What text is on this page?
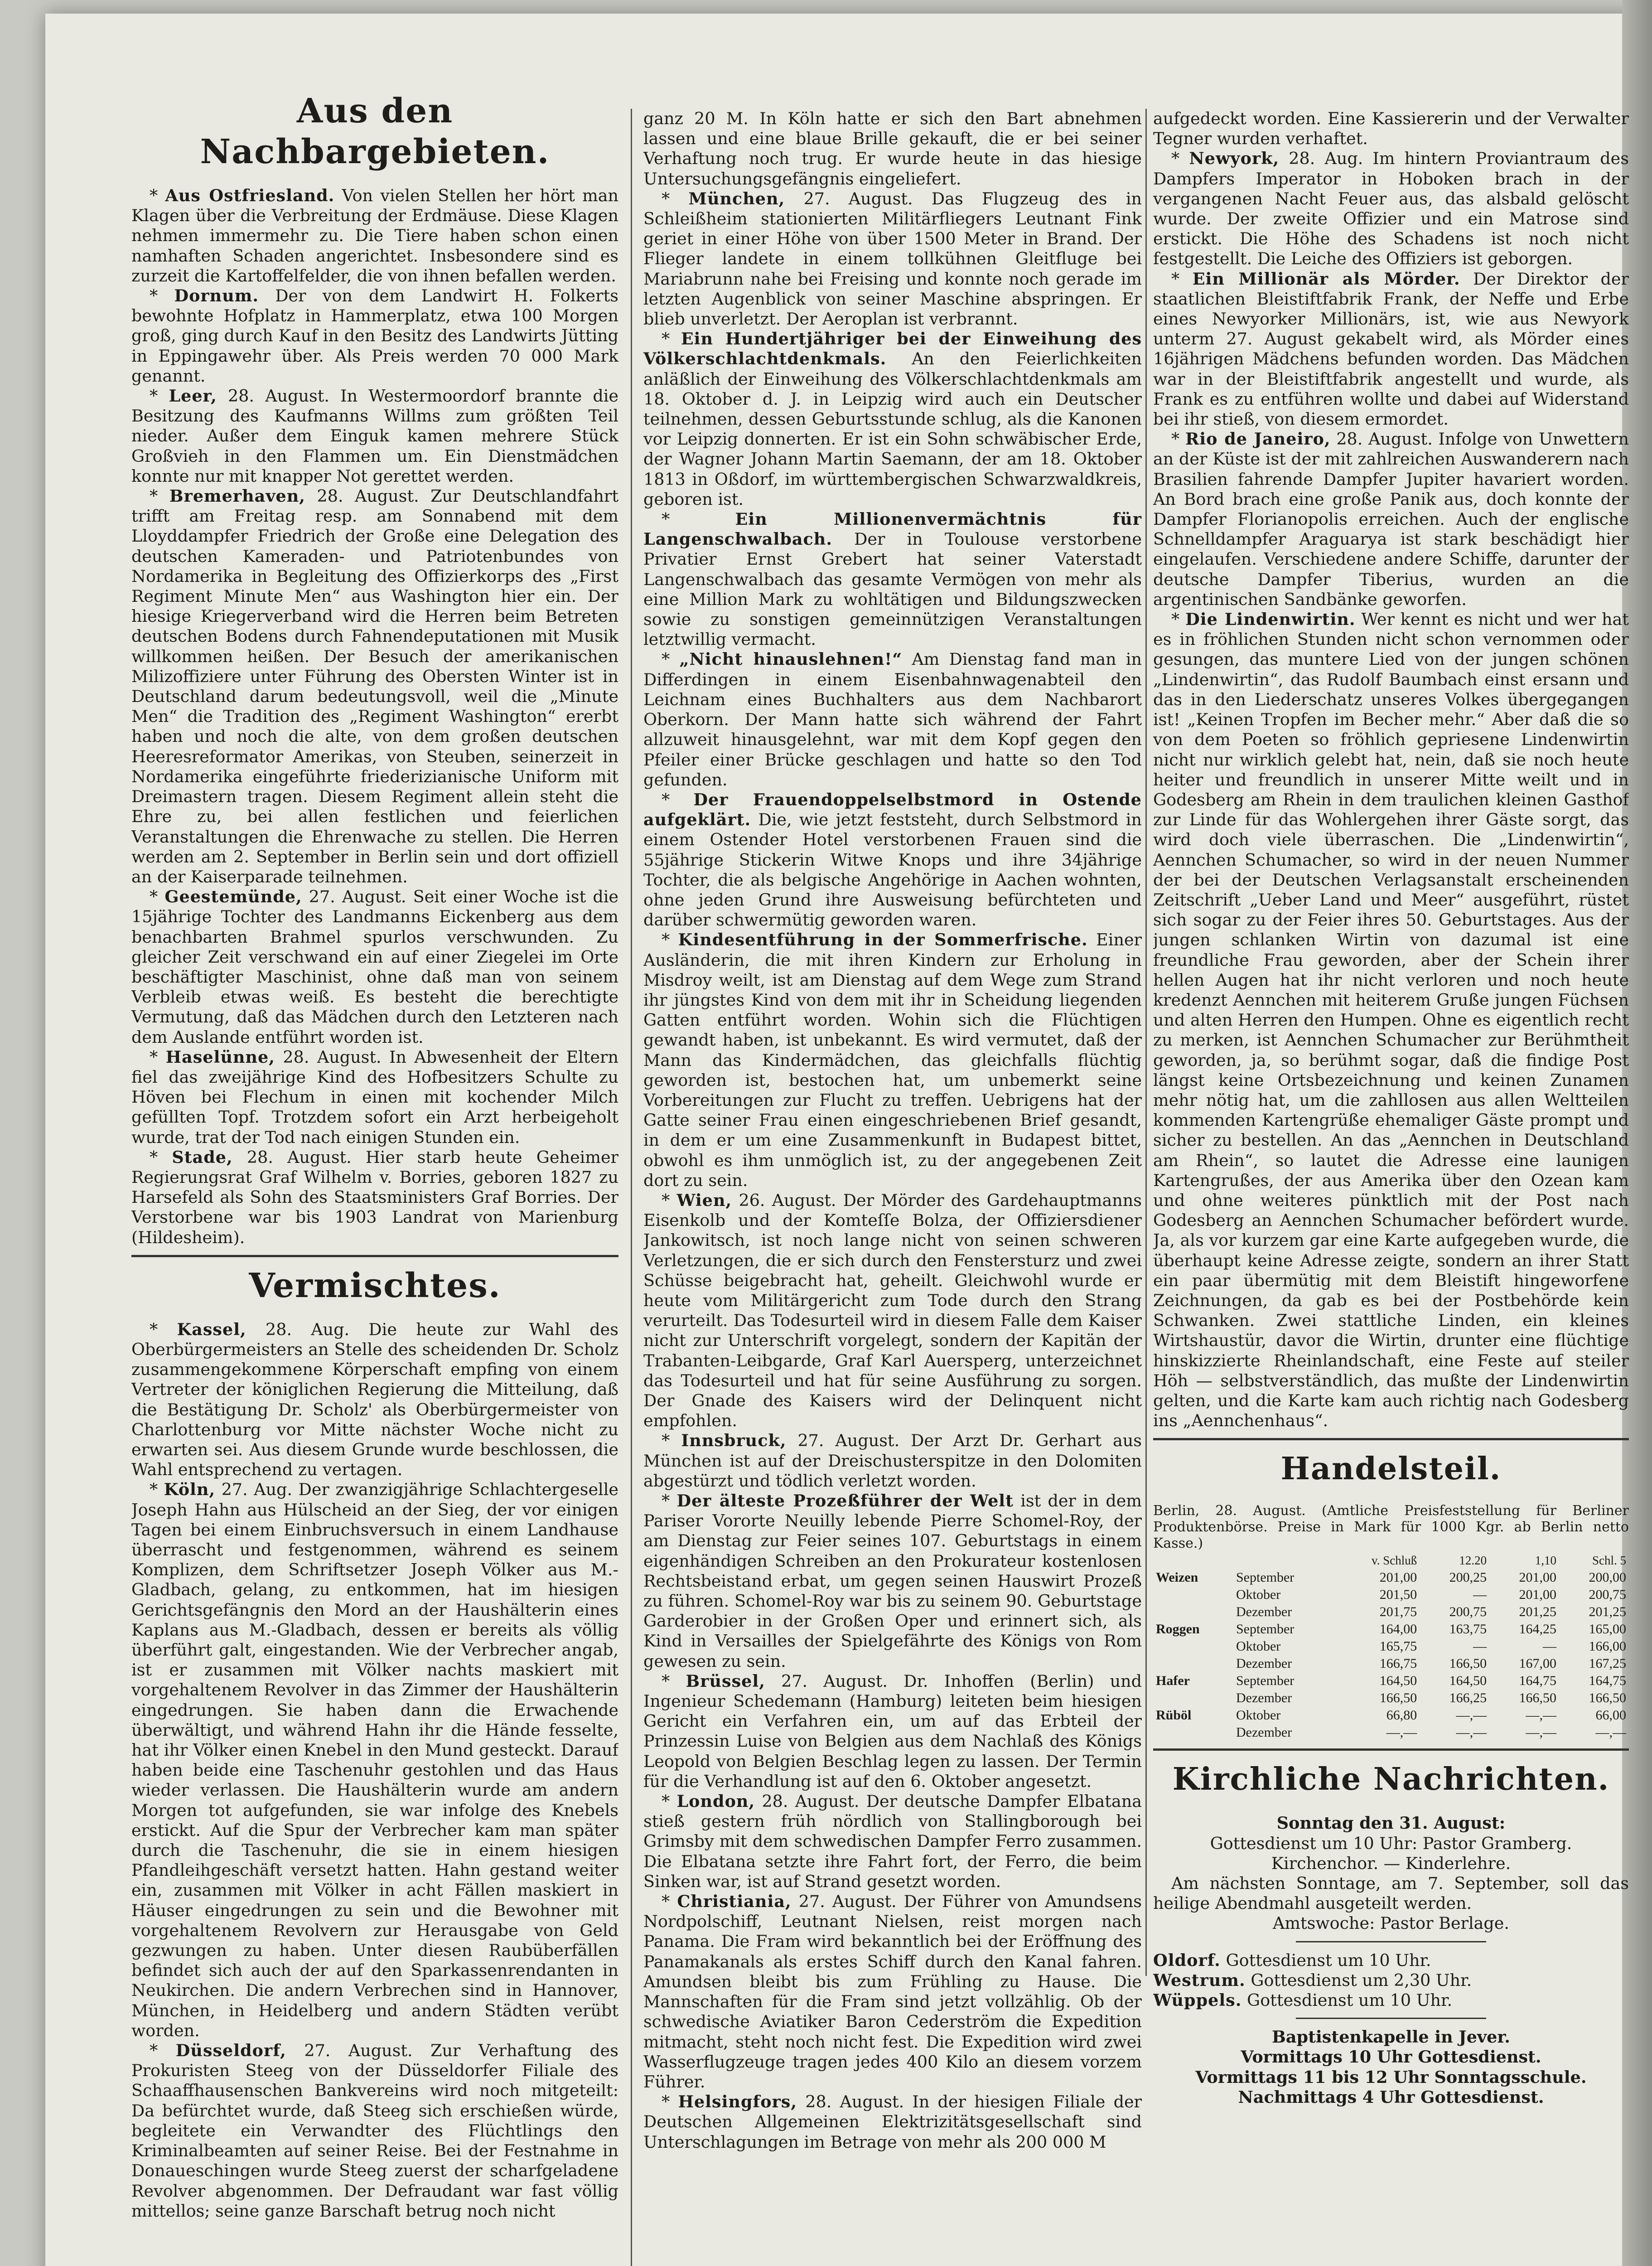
Aus den Nachbargebieten.

* Aus Ostfriesland. Von vielen Stellen her hört man Klagen über die Verbreitung der Erdmäuse. Diese Klagen nehmen immermehr zu. Die Tiere haben schon einen namhaften Schaden angerichtet. Insbesondere sind es zurzeit die Kartoffelfelder, die von ihnen befallen werden.

* Dornum. Der von dem Landwirt H. Folkerts bewohnte Hofplatz in Hammerplatz, etwa 100 Morgen groß, ging durch Kauf in den Besitz des Landwirts Jütting in Eppingawehr über. Als Preis werden 70 000 Mark genannt.

* Leer, 28. August. In Westermoordorf brannte die Besitzung des Kaufmanns Willms zum größten Teil nieder. Außer dem Einguk kamen mehrere Stück Großvieh in den Flammen um. Ein Dienstmädchen konnte nur mit knapper Not gerettet werden.

* Bremerhaven, 28. August. Zur Deutschlandfahrt trifft am Freitag resp. am Sonnabend mit dem Lloyddampfer Friedrich der Große eine Delegation des deutschen Kameraden- und Patriotenbundes von Nordamerika in Begleitung des Offizierkorps des „First Regiment Minute Men“ aus Washington hier ein. Der hiesige Kriegerverband wird die Herren beim Betreten deutschen Bodens durch Fahnendeputationen mit Musik willkommen heißen. Der Besuch der amerikanischen Milizoffiziere unter Führung des Obersten Winter ist in Deutschland darum bedeutungsvoll, weil die „Minute Men“ die Tradition des „Regiment Washington“ ererbt haben und noch die alte, von dem großen deutschen Heeresreformator Amerikas, von Steuben, seinerzeit in Nordamerika eingeführte friederizianische Uniform mit Dreimastern tragen. Diesem Regiment allein steht die Ehre zu, bei allen festlichen und feierlichen Veranstaltungen die Ehrenwache zu stellen. Die Herren werden am 2. September in Berlin sein und dort offiziell an der Kaiserparade teilnehmen.

* Geestemünde, 27. August. Seit einer Woche ist die 15jährige Tochter des Landmanns Eickenberg aus dem benachbarten Brahmel spurlos verschwunden. Zu gleicher Zeit verschwand ein auf einer Ziegelei im Orte beschäftigter Maschinist, ohne daß man von seinem Verbleib etwas weiß. Es besteht die berechtigte Vermutung, daß das Mädchen durch den Letzteren nach dem Auslande entführt worden ist.

* Haselünne, 28. August. In Abwesenheit der Eltern fiel das zweijährige Kind des Hofbesitzers Schulte zu Höven bei Flechum in einen mit kochender Milch gefüllten Topf. Trotzdem sofort ein Arzt herbeigeholt wurde, trat der Tod nach einigen Stunden ein.

* Stade, 28. August. Hier starb heute Geheimer Regierungsrat Graf Wilhelm v. Borries, geboren 1827 zu Harsefeld als Sohn des Staatsministers Graf Borries. Der Verstorbene war bis 1903 Landrat von Marienburg (Hildesheim).

Vermischtes.

* Kassel, 28. Aug. Die heute zur Wahl des Oberbürgermeisters an Stelle des scheidenden Dr. Scholz zusammengekommene Körperschaft empfing von einem Vertreter der königlichen Regierung die Mitteilung, daß die Bestätigung Dr. Scholz' als Oberbürgermeister von Charlottenburg vor Mitte nächster Woche nicht zu erwarten sei. Aus diesem Grunde wurde beschlossen, die Wahl entsprechend zu vertagen.

* Köln, 27. Aug. Der zwanzigjährige Schlachtergeselle Joseph Hahn aus Hülscheid an der Sieg, der vor einigen Tagen bei einem Einbruchsversuch in einem Landhause überrascht und festgenommen, während es seinem Komplizen, dem Schriftsetzer Joseph Völker aus M.-Gladbach, gelang, zu entkommen, hat im hiesigen Gerichtsgefängnis den Mord an der Haushälterin eines Kaplans aus M.-Gladbach, dessen er bereits als völlig überführt galt, eingestanden. Wie der Verbrecher angab, ist er zusammen mit Völker nachts maskiert mit vorgehaltenem Revolver in das Zimmer der Haushälterin eingedrungen. Sie haben dann die Erwachende überwältigt, und während Hahn ihr die Hände fesselte, hat ihr Völker einen Knebel in den Mund gesteckt. Darauf haben beide eine Taschenuhr gestohlen und das Haus wieder verlassen. Die Haushälterin wurde am andern Morgen tot aufgefunden, sie war infolge des Knebels erstickt. Auf die Spur der Verbrecher kam man später durch die Taschenuhr, die sie in einem hiesigen Pfandleihgeschäft versetzt hatten. Hahn gestand weiter ein, zusammen mit Völker in acht Fällen maskiert in Häuser eingedrungen zu sein und die Bewohner mit vorgehaltenem Revolvern zur Herausgabe von Geld gezwungen zu haben. Unter diesen Raubüberfällen befindet sich auch der auf den Sparkassenrendanten in Neukirchen. Die andern Verbrechen sind in Hannover, München, in Heidelberg und andern Städten verübt worden.

* Düsseldorf, 27. August. Zur Verhaftung des Prokuristen Steeg von der Düsseldorfer Filiale des Schaaffhausenschen Bankvereins wird noch mitgeteilt: Da befürchtet wurde, daß Steeg sich erschießen würde, begleitete ein Verwandter des Flüchtlings den Kriminalbeamten auf seiner Reise. Bei der Festnahme in Donaueschingen wurde Steeg zuerst der scharfgeladene Revolver abgenommen. Der Defraudant war fast völlig mittellos; seine ganze Barschaft betrug noch nicht

ganz 20 M. In Köln hatte er sich den Bart abnehmen lassen und eine blaue Brille gekauft, die er bei seiner Verhaftung noch trug. Er wurde heute in das hiesige Untersuchungsgefängnis eingeliefert.

* München, 27. August. Das Flugzeug des in Schleißheim stationierten Militärfliegers Leutnant Fink geriet in einer Höhe von über 1500 Meter in Brand. Der Flieger landete in einem tollkühnen Gleitfluge bei Mariabrunn nahe bei Freising und konnte noch gerade im letzten Augenblick von seiner Maschine abspringen. Er blieb unverletzt. Der Aeroplan ist verbrannt.

* Ein Hundertjähriger bei der Einweihung des Völkerschlachtdenkmals. An den Feierlichkeiten anläßlich der Einweihung des Völkerschlachtdenkmals am 18. Oktober d. J. in Leipzig wird auch ein Deutscher teilnehmen, dessen Geburtsstunde schlug, als die Kanonen vor Leipzig donnerten. Er ist ein Sohn schwäbischer Erde, der Wagner Johann Martin Saemann, der am 18. Oktober 1813 in Oßdorf, im württembergischen Schwarzwaldkreis, geboren ist.

* Ein Millionenvermächtnis für Langenschwalbach. Der in Toulouse verstorbene Privatier Ernst Grebert hat seiner Vaterstadt Langenschwalbach das gesamte Vermögen von mehr als eine Million Mark zu wohltätigen und Bildungszwecken sowie zu sonstigen gemeinnützigen Veranstaltungen letztwillig vermacht.

* „Nicht hinauslehnen!“ Am Dienstag fand man in Differdingen in einem Eisenbahnwagenabteil den Leichnam eines Buchhalters aus dem Nachbarort Oberkorn. Der Mann hatte sich während der Fahrt allzuweit hinausgelehnt, war mit dem Kopf gegen den Pfeiler einer Brücke geschlagen und hatte so den Tod gefunden.

* Der Frauendoppelselbstmord in Ostende aufgeklärt. Die, wie jetzt feststeht, durch Selbstmord in einem Ostender Hotel verstorbenen Frauen sind die 55jährige Stickerin Witwe Knops und ihre 34jährige Tochter, die als belgische Angehörige in Aachen wohnten, ohne jeden Grund ihre Ausweisung befürchteten und darüber schwermütig geworden waren.

* Kindesentführung in der Sommerfrische. Einer Ausländerin, die mit ihren Kindern zur Erholung in Misdroy weilt, ist am Dienstag auf dem Wege zum Strand ihr jüngstes Kind von dem mit ihr in Scheidung liegenden Gatten entführt worden. Wohin sich die Flüchtigen gewandt haben, ist unbekannt. Es wird vermutet, daß der Mann das Kindermädchen, das gleichfalls flüchtig geworden ist, bestochen hat, um unbemerkt seine Vorbereitungen zur Flucht zu treffen. Uebrigens hat der Gatte seiner Frau einen eingeschriebenen Brief gesandt, in dem er um eine Zusammenkunft in Budapest bittet, obwohl es ihm unmöglich ist, zu der angegebenen Zeit dort zu sein.

* Wien, 26. August. Der Mörder des Gardehauptmanns Eisenkolb und der Komteſſe Bolza, der Offiziersdiener Jankowitsch, ist noch lange nicht von seinen schweren Verletzungen, die er sich durch den Fenstersturz und zwei Schüsse beigebracht hat, geheilt. Gleichwohl wurde er heute vom Militärgericht zum Tode durch den Strang verurteilt. Das Todesurteil wird in diesem Falle dem Kaiser nicht zur Unterschrift vorgelegt, sondern der Kapitän der Trabanten-Leibgarde, Graf Karl Auersperg, unterzeichnet das Todesurteil und hat für seine Ausführung zu sorgen. Der Gnade des Kaisers wird der Delinquent nicht empfohlen.

* Innsbruck, 27. August. Der Arzt Dr. Gerhart aus München ist auf der Dreischusterspitze in den Dolomiten abgestürzt und tödlich verletzt worden.

* Der älteste Prozeßführer der Welt ist der in dem Pariser Vororte Neuilly lebende Pierre Schomel-Roy, der am Dienstag zur Feier seines 107. Geburtstags in einem eigenhändigen Schreiben an den Prokurateur kostenlosen Rechtsbeistand erbat, um gegen seinen Hauswirt Prozeß zu führen. Schomel-Roy war bis zu seinem 90. Geburtstage Garderobier in der Großen Oper und erinnert sich, als Kind in Versailles der Spielgefährte des Königs von Rom gewesen zu sein.

* Brüssel, 27. August. Dr. Inhoffen (Berlin) und Ingenieur Schedemann (Hamburg) leiteten beim hiesigen Gericht ein Verfahren ein, um auf das Erbteil der Prinzessin Luise von Belgien aus dem Nachlaß des Königs Leopold von Belgien Beschlag legen zu lassen. Der Termin für die Verhandlung ist auf den 6. Oktober angesetzt.

* London, 28. August. Der deutsche Dampfer Elbatana stieß gestern früh nördlich von Stallingborough bei Grimsby mit dem schwedischen Dampfer Ferro zusammen. Die Elbatana setzte ihre Fahrt fort, der Ferro, die beim Sinken war, ist auf Strand gesetzt worden.

* Christiania, 27. August. Der Führer von Amundsens Nordpolschiff, Leutnant Nielsen, reist morgen nach Panama. Die Fram wird bekanntlich bei der Eröffnung des Panamakanals als erstes Schiff durch den Kanal fahren. Amundsen bleibt bis zum Frühling zu Hause. Die Mannschaften für die Fram sind jetzt vollzählig. Ob der schwedische Aviatiker Baron Cederström die Expedition mitmacht, steht noch nicht fest. Die Expedition wird zwei Wasserflugzeuge tragen jedes 400 Kilo an diesem vorzem Führer.

* Helsingfors, 28. August. In der hiesigen Filiale der Deutschen Allgemeinen Elektrizitätsgesellschaft sind Unterschlagungen im Betrage von mehr als 200 000 M

aufgedeckt worden. Eine Kassiererin und der Verwalter Tegner wurden verhaftet.

* Newyork, 28. Aug. Im hintern Proviantraum des Dampfers Imperator in Hoboken brach in der vergangenen Nacht Feuer aus, das alsbald gelöscht wurde. Der zweite Offizier und ein Matrose sind erstickt. Die Höhe des Schadens ist noch nicht festgestellt. Die Leiche des Offiziers ist geborgen.

* Ein Millionär als Mörder. Der Direktor der staatlichen Bleistiftfabrik Frank, der Neffe und Erbe eines Newyorker Millionärs, ist, wie aus Newyork unterm 27. August gekabelt wird, als Mörder eines 16jährigen Mädchens befunden worden. Das Mädchen war in der Bleistiftfabrik angestellt und wurde, als Frank es zu entführen wollte und dabei auf Widerstand bei ihr stieß, von diesem ermordet.

* Rio de Janeiro, 28. August. Infolge von Unwettern an der Küste ist der mit zahlreichen Auswanderern nach Brasilien fahrende Dampfer Jupiter havariert worden. An Bord brach eine große Panik aus, doch konnte der Dampfer Florianopolis erreichen. Auch der englische Schnelldampfer Araguarya ist stark beschädigt hier eingelaufen. Verschiedene andere Schiffe, darunter der deutsche Dampfer Tiberius, wurden an die argentinischen Sandbänke geworfen.

* Die Lindenwirtin. Wer kennt es nicht und wer hat es in fröhlichen Stunden nicht schon vernommen oder gesungen, das muntere Lied von der jungen schönen „Lindenwirtin“, das Rudolf Baumbach einst ersann und das in den Liederschatz unseres Volkes übergegangen ist! „Keinen Tropfen im Becher mehr.“ Aber daß die so von dem Poeten so fröhlich gepriesene Lindenwirtin nicht nur wirklich gelebt hat, nein, daß sie noch heute heiter und freundlich in unserer Mitte weilt und in Godesberg am Rhein in dem traulichen kleinen Gasthof zur Linde für das Wohlergehen ihrer Gäste sorgt, das wird doch viele überraschen. Die „Lindenwirtin“, Aennchen Schumacher, so wird in der neuen Nummer der bei der Deutschen Verlagsanstalt erscheinenden Zeitschrift „Ueber Land und Meer“ ausgeführt, rüstet sich sogar zu der Feier ihres 50. Geburtstages. Aus der jungen schlanken Wirtin von dazumal ist eine freundliche Frau geworden, aber der Schein ihrer hellen Augen hat ihr nicht verloren und noch heute kredenzt Aennchen mit heiterem Gruße jungen Füchsen und alten Herren den Humpen. Ohne es eigentlich recht zu merken, ist Aennchen Schumacher zur Berühmtheit geworden, ja, so berühmt sogar, daß die findige Post längst keine Ortsbezeichnung und keinen Zunamen mehr nötig hat, um die zahllosen aus allen Weltteilen kommenden Kartengrüße ehemaliger Gäste prompt und sicher zu bestellen. An das „Aennchen in Deutschland am Rhein“, so lautet die Adresse eine launigen Kartengrußes, der aus Amerika über den Ozean kam und ohne weiteres pünktlich mit der Post nach Godesberg an Aennchen Schumacher befördert wurde. Ja, als vor kurzem gar eine Karte aufgegeben wurde, die überhaupt keine Adresse zeigte, sondern an ihrer Statt ein paar übermütig mit dem Bleistift hingeworfene Zeichnungen, da gab es bei der Postbehörde kein Schwanken. Zwei stattliche Linden, ein kleines Wirtshaustür, davor die Wirtin, drunter eine flüchtige hinskizzierte Rheinlandschaft, eine Feste auf steiler Höh — selbstverständlich, das mußte der Lindenwirtin gelten, und die Karte kam auch richtig nach Godesberg ins „Aennchenhaus“.

Handelsteil.

Berlin, 28. August. (Amtliche Preisfeststellung für Berliner Produktenbörse. Preise in Mark für 1000 Kgr. ab Berlin netto Kasse.)

		v. Schluß	12.20	1,10	Schl. 5
Weizen	September	201,00	200,25	201,00	200,00
	Oktober	201,50	—	201,00	200,75
	Dezember	201,75	200,75	201,25	201,25
Roggen	September	164,00	163,75	164,25	165,00
	Oktober	165,75	—	—	166,00
	Dezember	166,75	166,50	167,00	167,25
Hafer	September	164,50	164,50	164,75	164,75
	Dezember	166,50	166,25	166,50	166,50
Rüböl	Oktober	66,80	—,—	—,—	66,00
	Dezember	—,—	—,—	—,—	—,—
Kirchliche Nachrichten.

Sonntag den 31. August:

Gottesdienst um 10 Uhr: Pastor Gramberg.

Kirchenchor. — Kinderlehre.

Am nächsten Sonntage, am 7. September, soll das heilige Abendmahl ausgeteilt werden.

Amtswoche: Pastor Berlage.

Oldorf. Gottesdienst um 10 Uhr.

Westrum. Gottesdienst um 2,30 Uhr.

Wüppels. Gottesdienst um 10 Uhr.

Baptistenkapelle in Jever.

Vormittags 10 Uhr Gottesdienst.

Vormittags 11 bis 12 Uhr Sonntagsschule.

Nachmittags 4 Uhr Gottesdienst.
